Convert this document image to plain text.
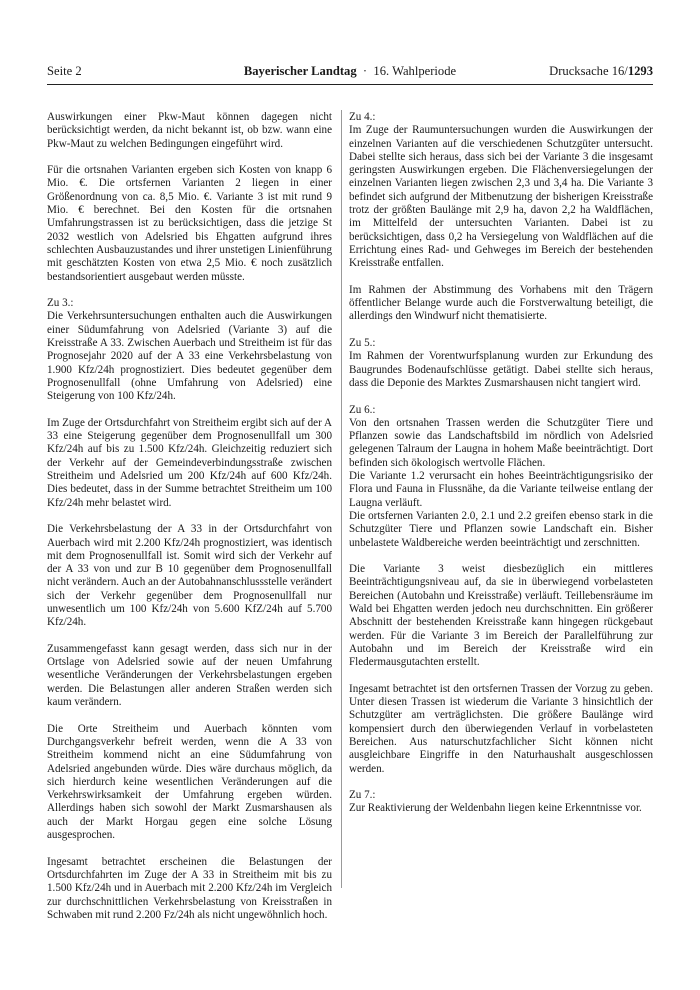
Seite 2	Bayerischer Landtag · 16. Wahlperiode	Drucksache 16/1293

Auswirkungen einer Pkw-Maut können dagegen nicht berücksichtigt werden, da nicht bekannt ist, ob bzw. wann eine Pkw-Maut zu welchen Bedingungen eingeführt wird.

Für die ortsnahen Varianten ergeben sich Kosten von knapp 6 Mio. €. Die ortsfernen Varianten 2 liegen in einer Größenordnung von ca. 8,5 Mio. €. Variante 3 ist mit rund 9 Mio. € berechnet. Bei den Kosten für die ortsnahen Umfahrungstrassen ist zu berücksichtigen, dass die jetzige St 2032 westlich von Adelsried bis Ehgatten aufgrund ihres schlechten Ausbauzustandes und ihrer unstetigen Linienführung mit geschätzten Kosten von etwa 2,5 Mio. € noch zusätzlich bestandsorientiert ausgebaut werden müsste.

Zu 3.:

Die Verkehrsuntersuchungen enthalten auch die Auswirkungen einer Südumfahrung von Adelsried (Variante 3) auf die Kreisstraße A 33. Zwischen Auerbach und Streitheim ist für das Prognosejahr 2020 auf der A 33 eine Verkehrsbelastung von 1.900 Kfz/24h prognostiziert. Dies bedeutet gegenüber dem Prognosenullfall (ohne Umfahrung von Adelsried) eine Steigerung von 100 Kfz/24h.

Im Zuge der Ortsdurchfahrt von Streitheim ergibt sich auf der A 33 eine Steigerung gegenüber dem Prognosenullfall um 300 Kfz/24h auf bis zu 1.500 Kfz/24h. Gleichzeitig reduziert sich der Verkehr auf der Gemeindeverbindungsstraße zwischen Streitheim und Adelsried um 200 Kfz/24h auf 600 Kfz/24h. Dies bedeutet, dass in der Summe betrachtet Streitheim um 100 Kfz/24h mehr belastet wird.

Die Verkehrsbelastung der A 33 in der Ortsdurchfahrt von Auerbach wird mit 2.200 Kfz/24h prognostiziert, was identisch mit dem Prognosenullfall ist. Somit wird sich der Verkehr auf der A 33 von und zur B 10 gegenüber dem Prognosenullfall nicht verändern. Auch an der Autobahnanschlussstelle verändert sich der Verkehr gegenüber dem Prognosenullfall nur unwesentlich um 100 Kfz/24h von 5.600 KfZ/24h auf 5.700 Kfz/24h.

Zusammengefasst kann gesagt werden, dass sich nur in der Ortslage von Adelsried sowie auf der neuen Umfahrung wesentliche Veränderungen der Verkehrsbelastungen ergeben werden. Die Belastungen aller anderen Straßen werden sich kaum verändern.

Die Orte Streitheim und Auerbach könnten vom Durchgangsverkehr befreit werden, wenn die A 33 von Streitheim kommend nicht an eine Südumfahrung von Adelsried angebunden würde. Dies wäre durchaus möglich, da sich hierdurch keine wesentlichen Veränderungen auf die Verkehrswirksamkeit der Umfahrung ergeben würden. Allerdings haben sich sowohl der Markt Zusmarshausen als auch der Markt Horgau gegen eine solche Lösung ausgesprochen.

Ingesamt betrachtet erscheinen die Belastungen der Ortsdurchfahrten im Zuge der A 33 in Streitheim mit bis zu 1.500 Kfz/24h und in Auerbach mit 2.200 Kfz/24h im Vergleich zur durchschnittlichen Verkehrsbelastung von Kreisstraßen in Schwaben mit rund 2.200 Fz/24h als nicht ungewöhnlich hoch.

Zu 4.:

Im Zuge der Raumuntersuchungen wurden die Auswirkungen der einzelnen Varianten auf die verschiedenen Schutzgüter untersucht. Dabei stellte sich heraus, dass sich bei der Variante 3 die insgesamt geringsten Auswirkungen ergeben. Die Flächenversiegelungen der einzelnen Varianten liegen zwischen 2,3 und 3,4 ha. Die Variante 3 befindet sich aufgrund der Mitbenutzung der bisherigen Kreisstraße trotz der größten Baulänge mit 2,9 ha, davon 2,2 ha Waldflächen, im Mittelfeld der untersuchten Varianten. Dabei ist zu berücksichtigen, dass 0,2 ha Versiegelung von Waldflächen auf die Errichtung eines Rad- und Gehweges im Bereich der bestehenden Kreisstraße entfallen.

Im Rahmen der Abstimmung des Vorhabens mit den Trägern öffentlicher Belange wurde auch die Forstverwaltung beteiligt, die allerdings den Windwurf nicht thematisierte.

Zu 5.:

Im Rahmen der Vorentwurfsplanung wurden zur Erkundung des Baugrundes Bodenaufschlüsse getätigt. Dabei stellte sich heraus, dass die Deponie des Marktes Zusmarshausen nicht tangiert wird.

Zu 6.:

Von den ortsnahen Trassen werden die Schutzgüter Tiere und Pflanzen sowie das Landschaftsbild im nördlich von Adelsried gelegenen Talraum der Laugna in hohem Maße beeinträchtigt. Dort befinden sich ökologisch wertvolle Flächen.

Die Variante 1.2 verursacht ein hohes Beeinträchtigungsrisiko der Flora und Fauna in Flussnähe, da die Variante teilweise entlang der Laugna verläuft.

Die ortsfernen Varianten 2.0, 2.1 und 2.2 greifen ebenso stark in die Schutzgüter Tiere und Pflanzen sowie Landschaft ein. Bisher unbelastete Waldbereiche werden beeinträchtigt und zerschnitten.

Die Variante 3 weist diesbezüglich ein mittleres Beeinträchtigungsniveau auf, da sie in überwiegend vorbelasteten Bereichen (Autobahn und Kreisstraße) verläuft. Teillebensräume im Wald bei Ehgatten werden jedoch neu durchschnitten. Ein größerer Abschnitt der bestehenden Kreisstraße kann hingegen rückgebaut werden. Für die Variante 3 im Bereich der Parallelführung zur Autobahn und im Bereich der Kreisstraße wird ein Fledermausgutachten erstellt.

Ingesamt betrachtet ist den ortsfernen Trassen der Vorzug zu geben. Unter diesen Trassen ist wiederum die Variante 3 hinsichtlich der Schutzgüter am verträglichsten. Die größere Baulänge wird kompensiert durch den überwiegenden Verlauf in vorbelasteten Bereichen. Aus naturschutzfachlicher Sicht können nicht ausgleichbare Eingriffe in den Naturhaushalt ausgeschlossen werden.

Zu 7.:

Zur Reaktivierung der Weldenbahn liegen keine Erkenntnisse vor.
